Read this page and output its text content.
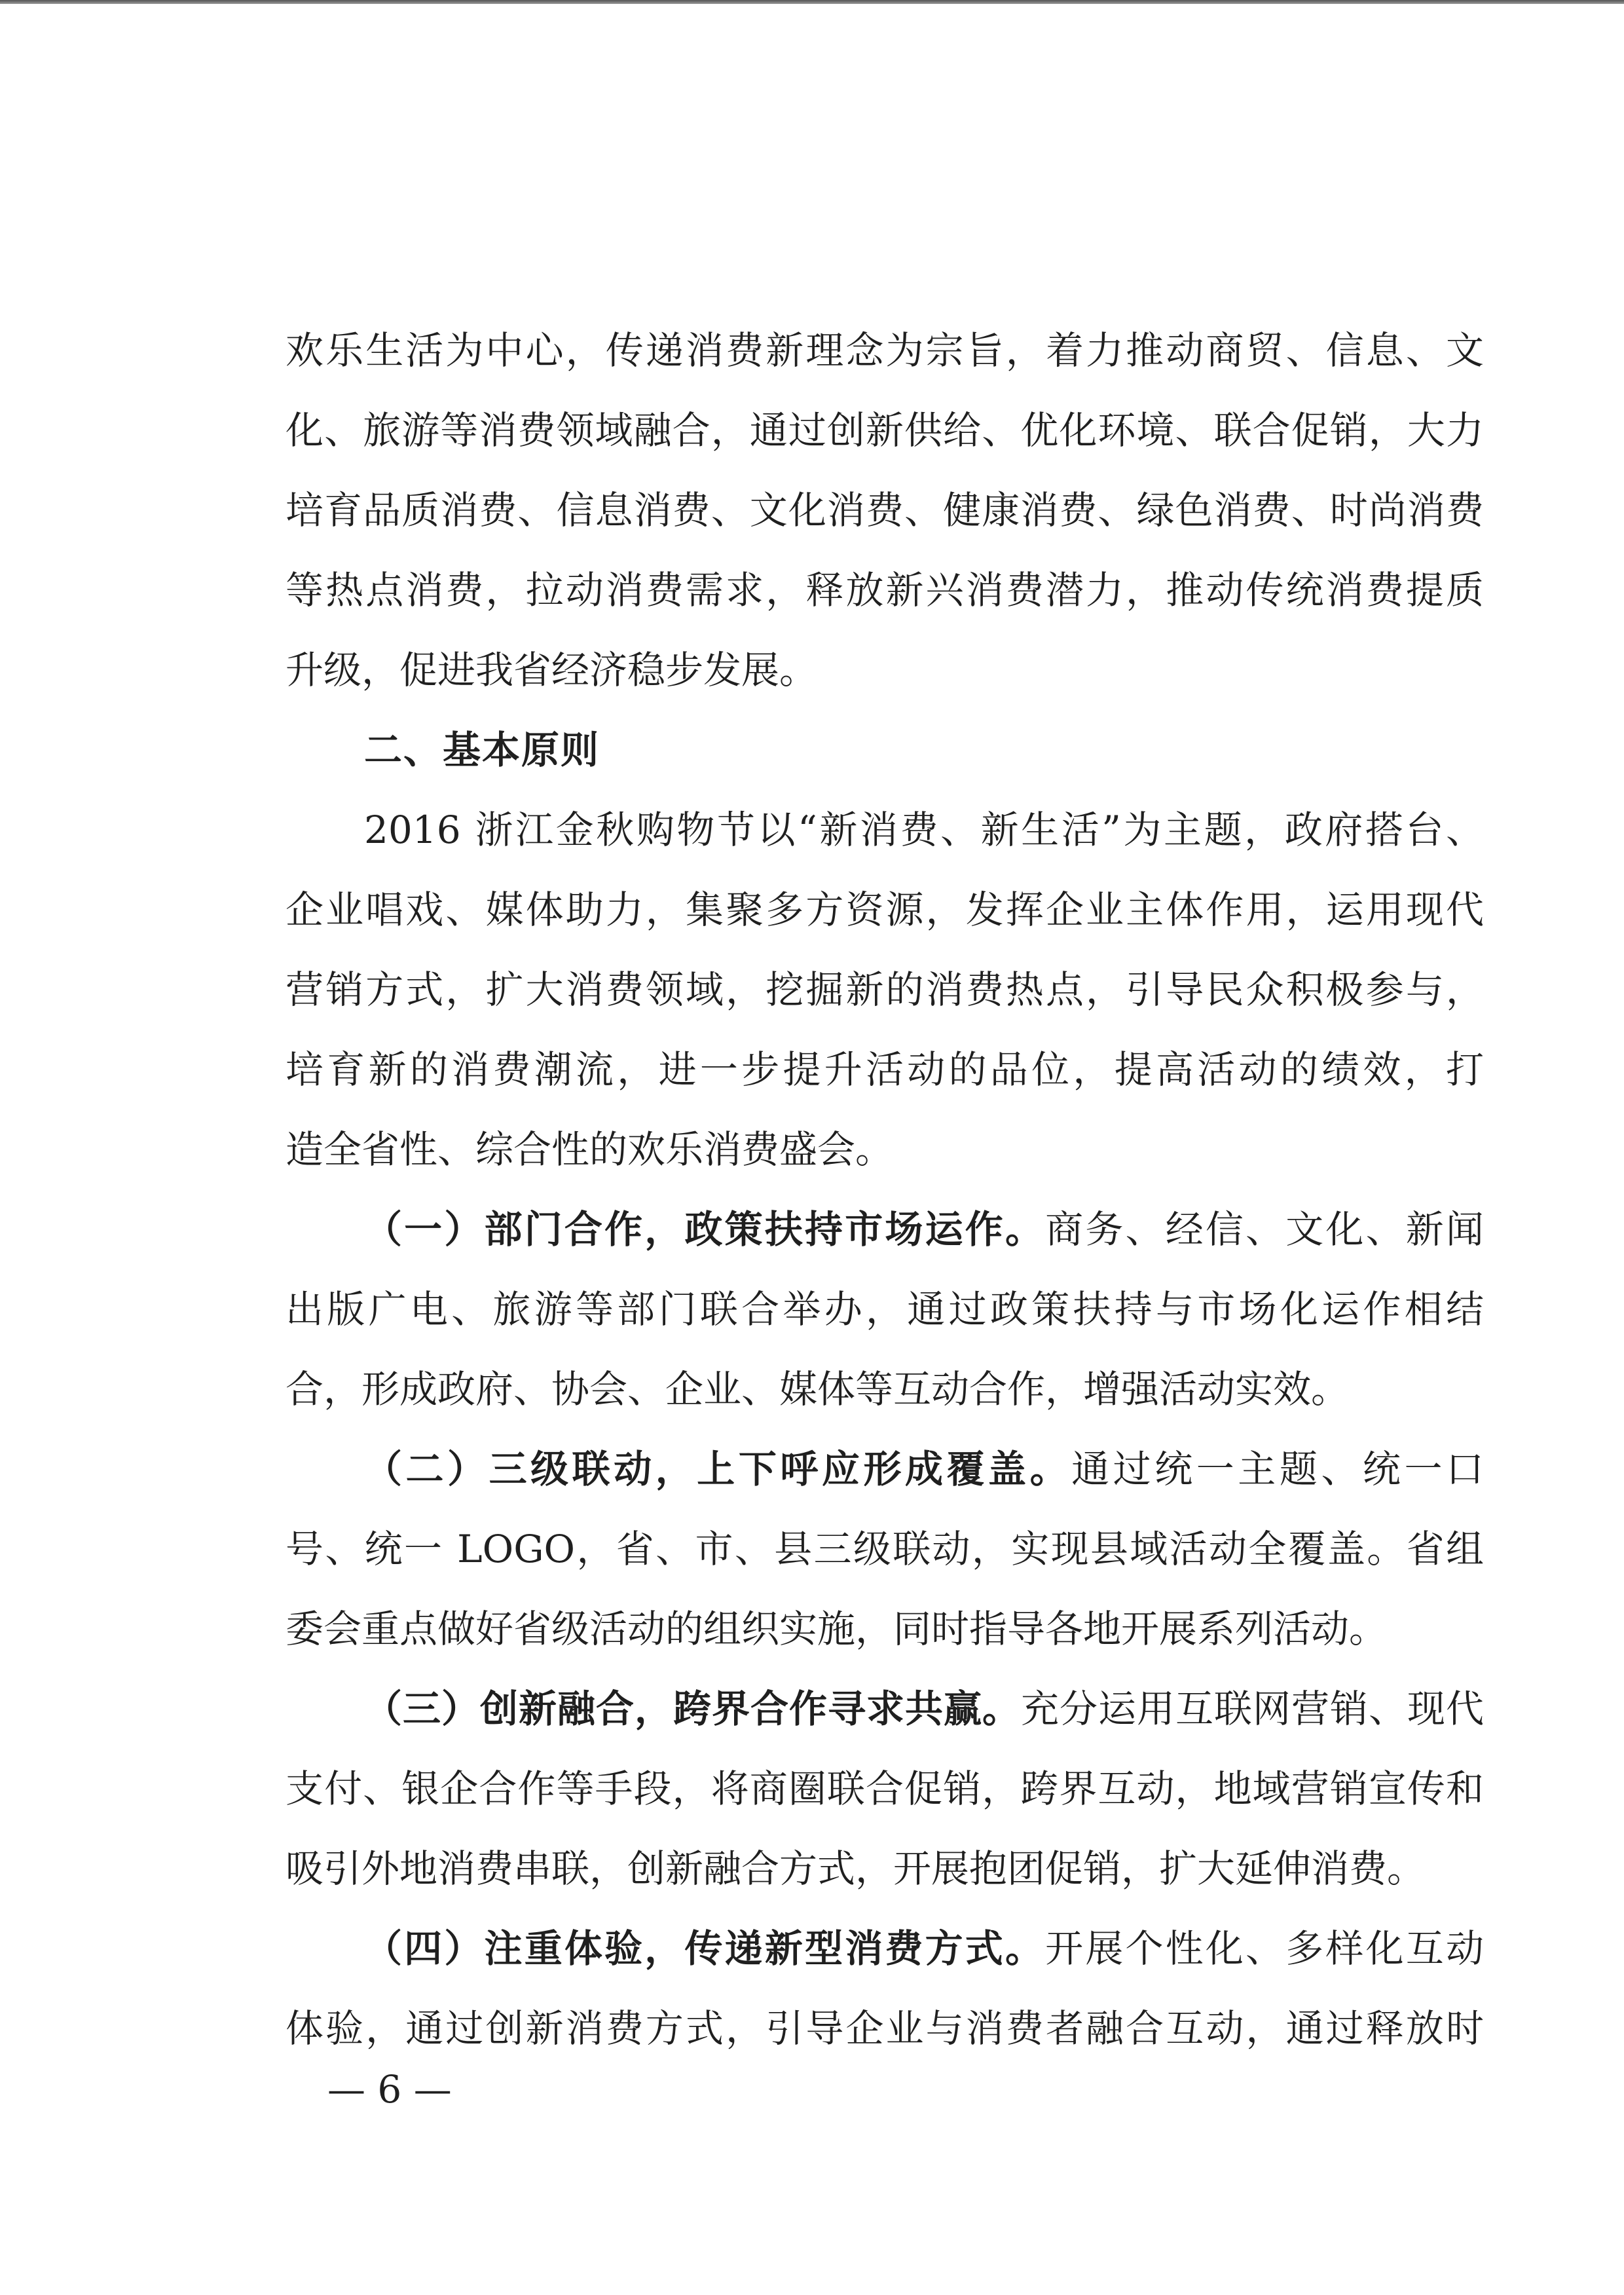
欢乐生活为中心，传递消费新理念为宗旨，着力推动商贸、信息、文
化、旅游等消费领域融合，通过创新供给、优化环境、联合促销，大力
培育品质消费、信息消费、文化消费、健康消费、绿色消费、时尚消费
等热点消费，拉动消费需求，释放新兴消费潜力，推动传统消费提质
升级，促进我省经济稳步发展。
二、基本原则
2016 浙江金秋购物节以“新消费、新生活”为主题，政府搭台、
企业唱戏、媒体助力，集聚多方资源，发挥企业主体作用，运用现代
营销方式，扩大消费领域，挖掘新的消费热点，引导民众积极参与，
培育新的消费潮流，进一步提升活动的品位，提高活动的绩效，打
造全省性、综合性的欢乐消费盛会。
（一）部门合作，政策扶持市场运作。商务、经信、文化、新闻
出版广电、旅游等部门联合举办，通过政策扶持与市场化运作相结
合，形成政府、协会、企业、媒体等互动合作，增强活动实效。
（二）三级联动，上下呼应形成覆盖。通过统一主题、统一口
号、统一 LOGO，省、市、县三级联动，实现县域活动全覆盖。省组
委会重点做好省级活动的组织实施，同时指导各地开展系列活动。
（三）创新融合，跨界合作寻求共赢。充分运用互联网营销、现代
支付、银企合作等手段，将商圈联合促销，跨界互动，地域营销宣传和
吸引外地消费串联，创新融合方式，开展抱团促销，扩大延伸消费。
（四）注重体验，传递新型消费方式。开展个性化、多样化互动
体验，通过创新消费方式，引导企业与消费者融合互动，通过释放时
— 6 —
